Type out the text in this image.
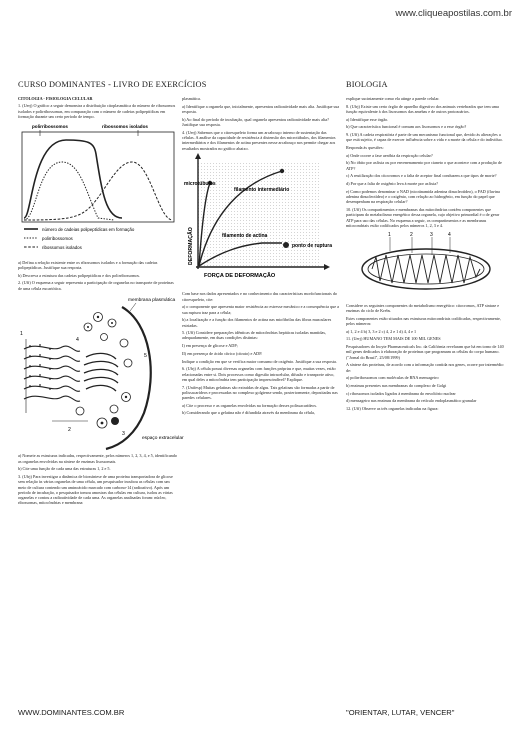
www.cliqueapostilas.com.br
CURSO DOMINANTES - LIVRO DE EXERCÍCIOS	BIOLOGIA

CITOLOGIA - FISIOLOGIA CELULAR

1. (Uerj) O gráfico a seguir demonstra a distribuição citoplasmática do número de ribossomos isolados e polirribossomas, em comparação com o número de cadeias polipeptídicas em formação durante um certo período de tempo.

polirribossomos	ribossomos isolados
número de cadeias polipeptídicas em formação
polirribossomos
ribossomos isolados

a) Defina a relação existente entre os ribossomos isolados e a formação das cadeias polipeptídicas. Justifique sua resposta.

b) Descreva a estrutura das cadeias polipeptídicas e dos polirribossomos.

2. (Uff) O esquema a seguir representa a participação de organelas no transporte de proteínas de uma célula eucariótica.

membrana plasmática
1
2
3
4
5
espaço extracelular

a) Nomeie as estruturas indicadas, respectivamente, pelos números 1, 2, 3, 4, e 5, identificando as organelas envolvidas na síntese de enzimas lisossomais.

b) Cite uma função de cada uma das estruturas 1, 2 e 5.

3. (Ufrj) Para investigar a dinâmica de biossíntese de uma proteína transportadora de glicose sem relação às várias organelas de uma célula, um pesquisador incubou as células com um meio de cultura contendo um aminoácido marcado com carbono-14 (radioativo). Após um período de incubação, o pesquisador tomou amostras das células em cultura, isolou as várias organelas e contou a radioatividade de cada uma. As organelas analisadas foram: núcleo, ribossomas, mitocôndrias e membrana

plasmática.

a) Identifique a organela que, inicialmente, apresentou radioatividade mais alta. Justifique sua resposta.

b) Ao final do período de incubação, qual organela apresentou radioatividade mais alta? Justifique sua resposta.

4. (Uerj) Sabemos que o citoesqueleto forma um arcabouço interno de sustentação das células. A análise da capacidade de resistência à distensão dos microtúbulos, dos filamentos intermediários e dos filamentos de actina presentes nesse arcabouço nos permite chegar aos resultados mostrados no gráfico abaixo.

microtúbulos
filamento intermediário
filamento de actina
ponto de ruptura
DEFORMAÇÃO
FORÇA DE DEFORMAÇÃO

Com base nos dados apresentados e no conhecimento das características morfofuncionais do citoesqueleto, cite:

a) o componente que apresenta maior resistência ao estresse mecânico e a consequência que a sua ruptura traz para a célula;

b) a localização e a função dos filamentos de actina nas miofibrilas das fibras musculares estriadas.

5. (Uff) Considere preparações idênticas de mitocôndrias hepáticas isoladas mantidas, adequadamente, em duas condições distintas:

I) em presença de glicose e ADP;

II) em presença de ácido cítrico (citrato) e ADP.

Indique a condição em que se verifica maior consumo de oxigênio. Justifique a sua resposta.

6. (Ufrj) A célula possui diversas organelas com funções próprias e que, muitas vezes, estão relacionadas entre si. Dois processos como digestão intracelular, difusão e transporte ativo, em qual deles a mitocôndria tem participação imprescindível? Explique.

7. (Unifesp) Muitas gelatinas são extraídas de algas. Tais gelatinas são formadas a partir de polissacarídeos e processadas no complexo golgiense sendo, posteriormente, depositadas nas paredes celulares.

a) Cite o processo e as organelas envolvidas na formação desses polissacarídeos.

b) Considerando que a gelatina não é difundida através da membrana da célula,

explique sucintamente como ela atinge a parede celular.

8. (Ufrj) Existe um certo órgão de aparelho digestivo dos animais vertebrados que tem uma função equivalente à dos lisossomos das amebas e de outros protozoários.

a) Identifique esse órgão.

b) Que característica funcional é comum aos lisossomos e a esse órgão?

9. (Uff) A cadeia respiratória é parte de um mecanismo funcional que, devido às alterações a que está sujeito, é capaz de exercer influência sobre a vida e a morte da célula e do indivíduo.

Responda às questões:

a) Onde ocorre a fase aeróbia da respiração celular?

b) No óbito por asfixia ou por envenenamento por cianeto o que acontece com a produção de ATP?

c) A reutilização dos citocromos e a falta de aceptor final conduzem a que tipos de morte?

d) Por que a falta de oxigênio leva à morte por asfixia?

e) Como podemos denominar o NAD (nicotinamida adenina dinucleotídeo), o FAD (flavina adenina dinucleotídeo) e o oxigênio, com relação ao hidrogênio, em função do papel que desempenham na respiração celular?

10. (Uff) Os compartimentos e membranas das mitocôndrias contêm componentes que participam do metabolismo energético dessa organela, cujo objetivo primordial é o de gerar ATP para uso das células. No esquema a seguir, os compartimentos e as membranas mitocondriais estão codificados pelos números 1, 2, 3 e 4.

1	2	3	4

Considere os seguintes componentes do metabolismo energético: citocromos, ATP sintase e enzimas do ciclo de Krebs.

Estes componentes estão situados nas estruturas mitocondriais codificadas, respectivamente, pelos números:

a) 1, 2 e 4 b) 3, 3 e 2 c) 4, 2 e 1 d) 4, 4 e 1

11. (Uerj) HUMANO TEM MAIS DE 100 MIL GENES

Pesquisadores do Incyte Pharmaceuticals Inc. da Califórnia revelaram que há em torno de 140 mil genes dedicados à elaboração de proteínas que programam as células do corpo humano. ("Jornal do Brasil", 25/08/1999)

A síntese das proteínas, de acordo com a informação contida nos genes, ocorre por intermédio de:

a) polirribossomos com moléculas de RNA mensageiro

b) enzimas presentes nas membranas do complexo de Golgi

c) ribossomos isolados ligados à membrana do envoltório nuclear

d) mensageiro nas enzimas da membrana do retículo endoplasmático granular

12. (Uff) Observe as três organelas indicadas na figura:

WWW.DOMINANTES.COM.BR	"ORIENTAR, LUTAR, VENCER"
